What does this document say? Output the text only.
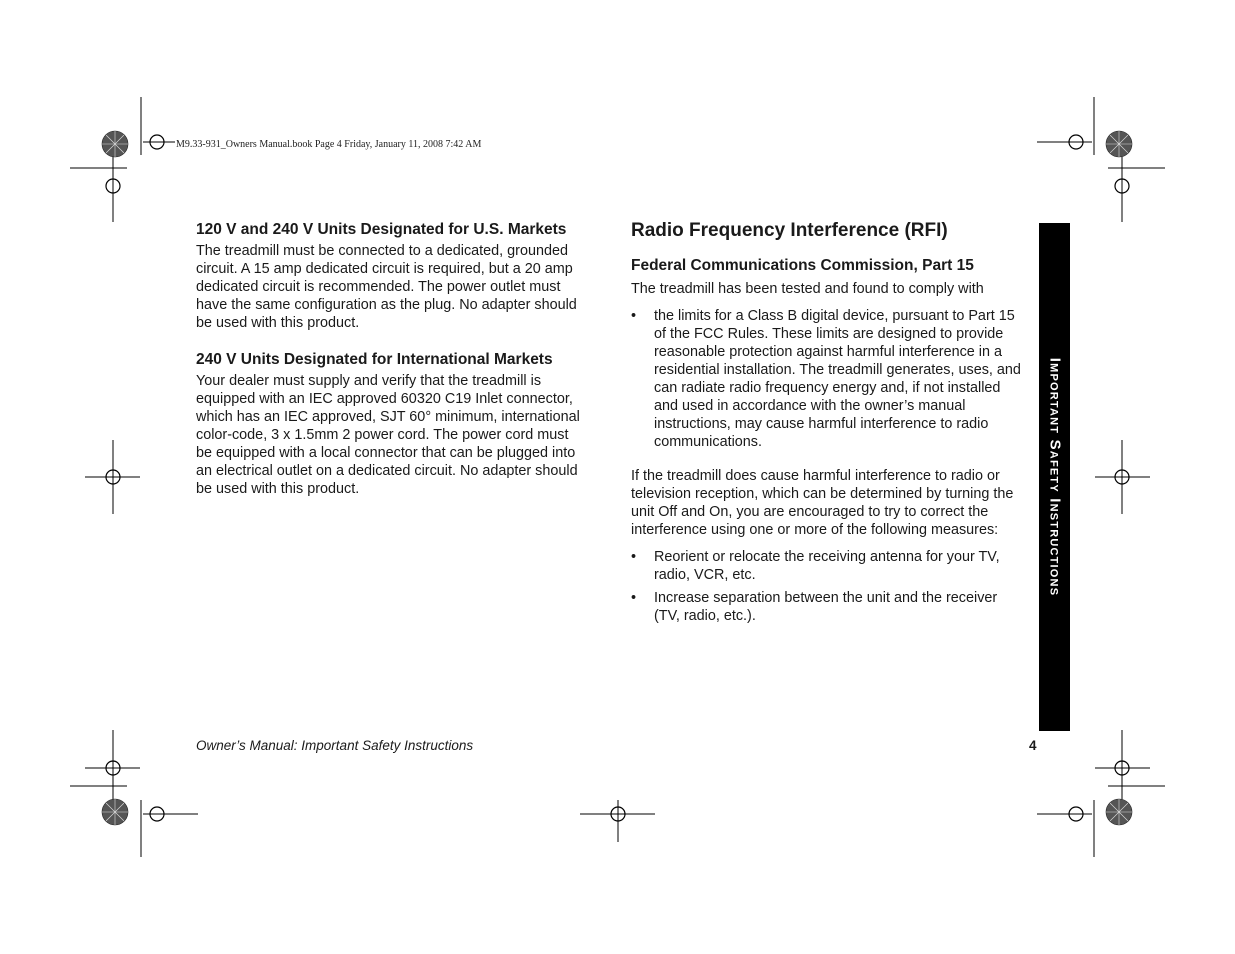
M9.33-931_Owners Manual.book Page 4 Friday, January 11, 2008 7:42 AM
120 V and 240 V Units Designated for U.S. Markets

The treadmill must be connected to a dedicated, grounded circuit. A 15 amp dedicated circuit is required, but a 20 amp dedicated circuit is recommended. The power outlet must have the same configuration as the plug. No adapter should be used with this product.

240 V Units Designated for International Markets

Your dealer must supply and verify that the treadmill is equipped with an IEC approved 60320 C19 Inlet connector, which has an IEC approved, SJT 60° minimum, international color-code, 3 x 1.5mm 2 power cord. The power cord must be equipped with a local connector that can be plugged into an electrical outlet on a dedicated circuit. No adapter should be used with this product.

Radio Frequency Interference (RFI)
Federal Communications Commission, Part 15

The treadmill has been tested and found to comply with

• the limits for a Class B digital device, pursuant to Part 15 of the FCC Rules. These limits are designed to provide reasonable protection against harmful interference in a residential installation. The treadmill generates, uses, and can radiate radio frequency energy and, if not installed and used in accordance with the owner’s manual instructions, may cause harmful interference to radio communications.

If the treadmill does cause harmful interference to radio or television reception, which can be determined by turning the unit Off and On, you are encouraged to try to correct the interference using one or more of the following measures:

• Reorient or relocate the receiving antenna for your TV, radio, VCR, etc.
• Increase separation between the unit and the receiver (TV, radio, etc.).
Important Safety Instructions
Owner’s Manual: Important Safety Instructions	4
